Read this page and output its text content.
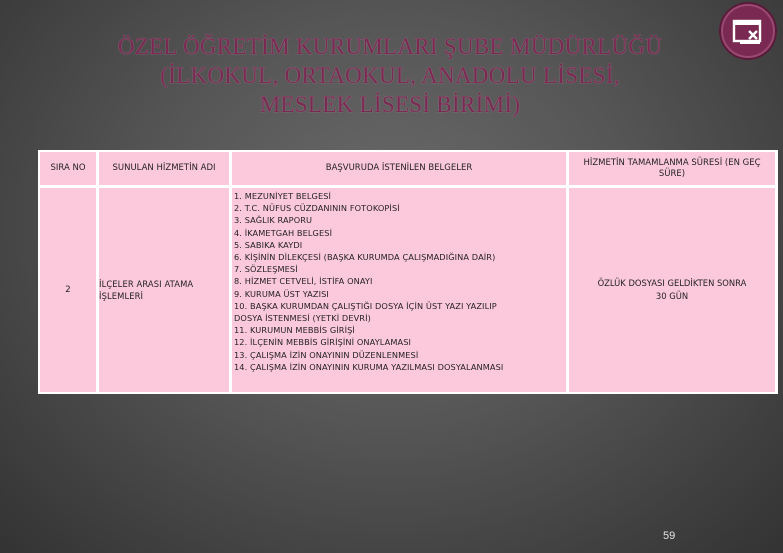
ÖZEL ÖĞRETİM KURUMLARI ŞUBE MÜDÜRLÜĞÜ
(İLKOKUL, ORTAOKUL, ANADOLU LİSESİ,
MESLEK LİSESİ BİRİMİ)
SIRA NO	SUNULAN HİZMETİN ADI	BAŞVURUDA İSTENİLEN BELGELER
2
İLÇELER ARASI ATAMA İŞLEMLERİ
1. MEZUNİYET BELGESİ
2. T.C. NÜFUS CÜZDANININ FOTOKOPİSİ
3. SAĞLIK RAPORU
4. İKAMETGAH BELGESİ
5. SABIKA KAYDI
6. KİŞİNİN DİLEKÇESİ (BAŞKA KURUMDA ÇALIŞMADIĞINA DAİR)
7. SÖZLEŞMESİ
8. HİZMET CETVELİ, İSTİFA ONAYI
9. KURUMA ÜST YAZISI
10. BAŞKA KURUMDAN ÇALIŞTIĞI DOSYA İÇİN ÜST YAZI YAZILIP
DOSYA İSTENMESİ (YETKİ DEVRİ)
11. KURUMUN MEBBİS GİRİŞİ
12. İLÇENİN MEBBİS GİRİŞİNİ ONAYLAMASI
13. ÇALIŞMA İZİN ONAYININ DÜZENLENMESİ
14. ÇALIŞMA İZİN ONAYININ KURUMA YAZILMASI DOSYALANMASI
HİZMETİN TAMAMLANMA SÜRESİ (EN GEÇ SÜRE)
ÖZLÜK DOSYASI GELDİKTEN SONRA 30 GÜN
59
